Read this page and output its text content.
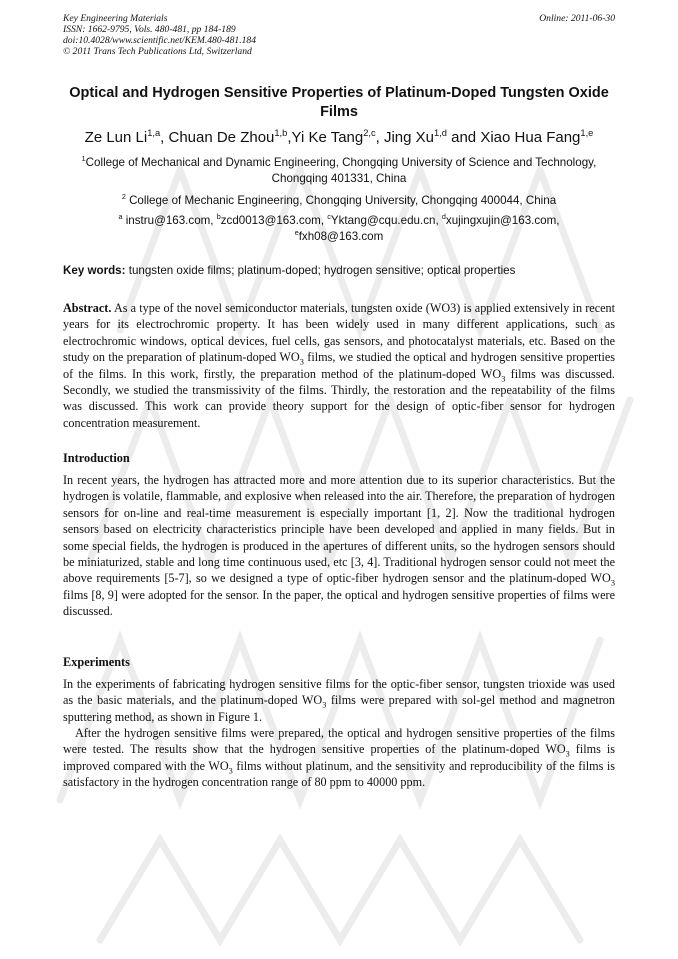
Key Engineering Materials
ISSN: 1662-9795, Vols. 480-481, pp 184-189
doi:10.4028/www.scientific.net/KEM.480-481.184
© 2011 Trans Tech Publications Ltd, Switzerland
Online: 2011-06-30
Optical and Hydrogen Sensitive Properties of Platinum-Doped Tungsten Oxide Films
Ze Lun Li$^{1,a}$, Chuan De Zhou$^{1,b}$,Yi Ke Tang$^{2,c}$, Jing Xu$^{1,d}$ and Xiao Hua Fang$^{1,e}$
$^1$College of Mechanical and Dynamic Engineering, Chongqing University of Science and Technology, Chongqing 401331, China
$^2$ College of Mechanic Engineering, Chongqing University, Chongqing 400044, China
$^a$ instru@163.com, $^b$zcd0013@163.com, $^c$Yktang@cqu.edu.cn, $^d$xujingxujin@163.com, $^e$fxh08@163.com
Key words: tungsten oxide films; platinum-doped; hydrogen sensitive; optical properties
Abstract. As a type of the novel semiconductor materials, tungsten oxide (WO3) is applied extensively in recent years for its electrochromic property. It has been widely used in many different applications, such as electrochromic windows, optical devices, fuel cells, gas sensors, and photocatalyst materials, etc. Based on the study on the preparation of platinum-doped $WO_3$ films, we studied the optical and hydrogen sensitive properties of the films. In this work, firstly, the preparation method of the platinum-doped $WO_3$ films was discussed. Secondly, we studied the transmissivity of the films. Thirdly, the restoration and the repeatability of the films was discussed. This work can provide theory support for the design of optic-fiber sensor for hydrogen concentration measurement.
Introduction
In recent years, the hydrogen has attracted more and more attention due to its superior characteristics. But the hydrogen is volatile, flammable, and explosive when released into the air. Therefore, the preparation of hydrogen sensors for on-line and real-time measurement is especially important [1, 2]. Now the traditional hydrogen sensors based on electricity characteristics principle have been developed and applied in many fields. But in some special fields, the hydrogen is produced in the apertures of different units, so the hydrogen sensors should be miniaturized, stable and long time continuous used, etc [3, 4]. Traditional hydrogen sensor could not meet the above requirements [5-7], so we designed a type of optic-fiber hydrogen sensor and the platinum-doped $WO_3$ films [8, 9] were adopted for the sensor. In the paper, the optical and hydrogen sensitive properties of films were discussed.
Experiments
In the experiments of fabricating hydrogen sensitive films for the optic-fiber sensor, tungsten trioxide was used as the basic materials, and the platinum-doped $WO_3$ films were prepared with sol-gel method and magnetron sputtering method, as shown in Figure 1.
After the hydrogen sensitive films were prepared, the optical and hydrogen sensitive properties of the films were tested. The results show that the hydrogen sensitive properties of the platinum-doped $WO_3$ films is improved compared with the $WO_3$ films without platinum, and the sensitivity and reproducibility of the films is satisfactory in the hydrogen concentration range of 80 ppm to 40000 ppm.
